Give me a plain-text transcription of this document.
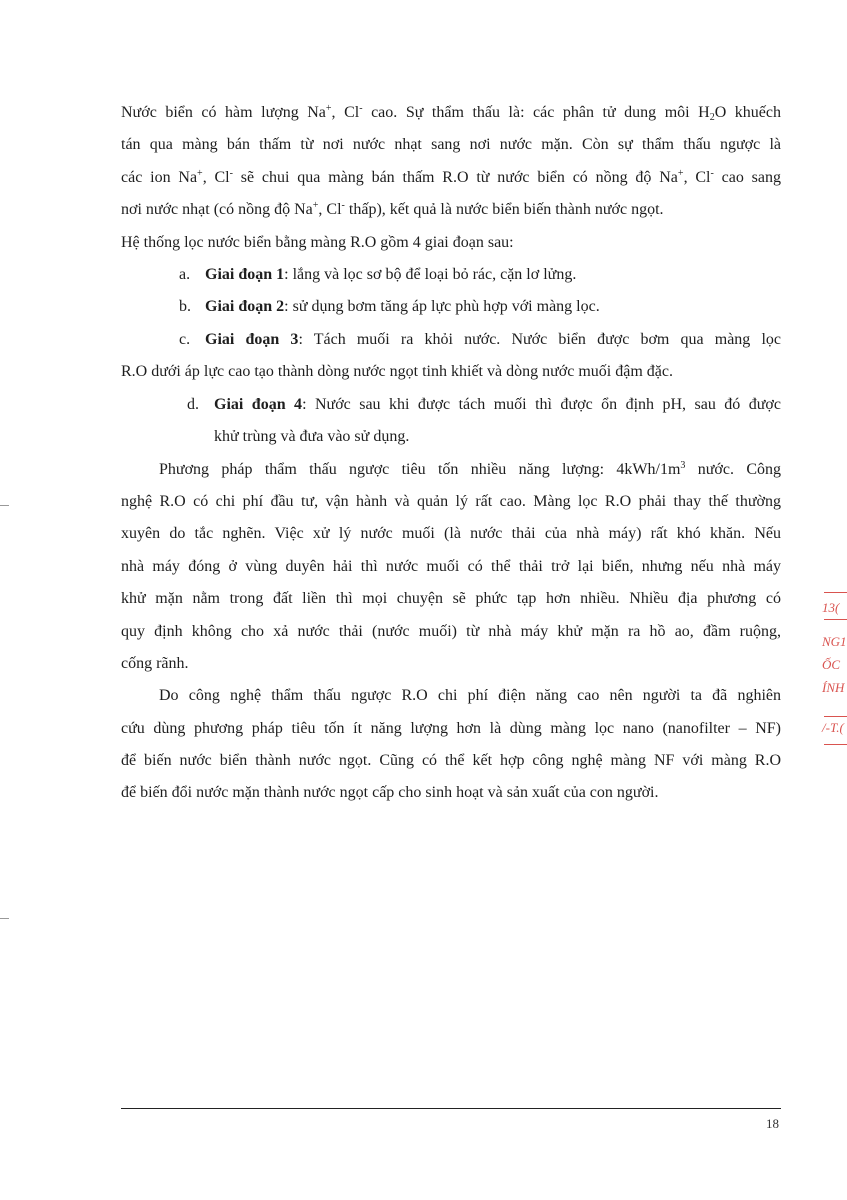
Nước biển có hàm lượng Na+, Cl- cao. Sự thẩm thấu là: các phân tử dung môi $H_2O$ khuếch
tán qua màng bán thấm từ nơi nước nhạt sang nơi nước mặn. Còn sự thẩm thấu ngược là
các ion Na+, Cl- sẽ chui qua màng bán thấm R.O từ nước biển có nồng độ Na+, Cl- cao sang
nơi nước nhạt (có nồng độ Na+, Cl- thấp), kết quả là nước biển biến thành nước ngọt.
Hệ thống lọc nước biển bằng màng R.O gồm 4 giai đoạn sau:
a. Giai đoạn 1: lắng và lọc sơ bộ để loại bỏ rác, cặn lơ lửng.
b. Giai đoạn 2: sử dụng bơm tăng áp lực phù hợp với màng lọc.
c. Giai đoạn 3: Tách muối ra khỏi nước. Nước biển được bơm qua màng lọc
R.O dưới áp lực cao tạo thành dòng nước ngọt tinh khiết và dòng nước muối đậm đặc.
d. Giai đoạn 4: Nước sau khi được tách muối thì được ổn định pH, sau đó được
khử trùng và đưa vào sử dụng.
Phương pháp thẩm thấu ngược tiêu tốn nhiều năng lượng: $4kWh/1m^3$ nước. Công
nghệ R.O có chi phí đầu tư, vận hành và quản lý rất cao. Màng lọc R.O phải thay thế thường
xuyên do tắc nghẽn. Việc xử lý nước muối (là nước thải của nhà máy) rất khó khăn. Nếu
nhà máy đóng ở vùng duyên hải thì nước muối có thể thải trở lại biển, nhưng nếu nhà máy
khử mặn nằm trong đất liền thì mọi chuyện sẽ phức tạp hơn nhiều. Nhiều địa phương có
quy định không cho xả nước thải (nước muối) từ nhà máy khử mặn ra hồ ao, đầm ruộng,
cống rãnh.
Do công nghệ thẩm thấu ngược R.O chi phí điện năng cao nên người ta đã nghiên
cứu dùng phương pháp tiêu tốn ít năng lượng hơn là dùng màng lọc nano (nanofilter – NF)
để biến nước biển thành nước ngọt. Cũng có thể kết hợp công nghệ màng NF với màng R.O
để biến đổi nước mặn thành nước ngọt cấp cho sinh hoạt và sản xuất của con người.
18
13(
NG1
ỐC
ÍNH
/-T.(
